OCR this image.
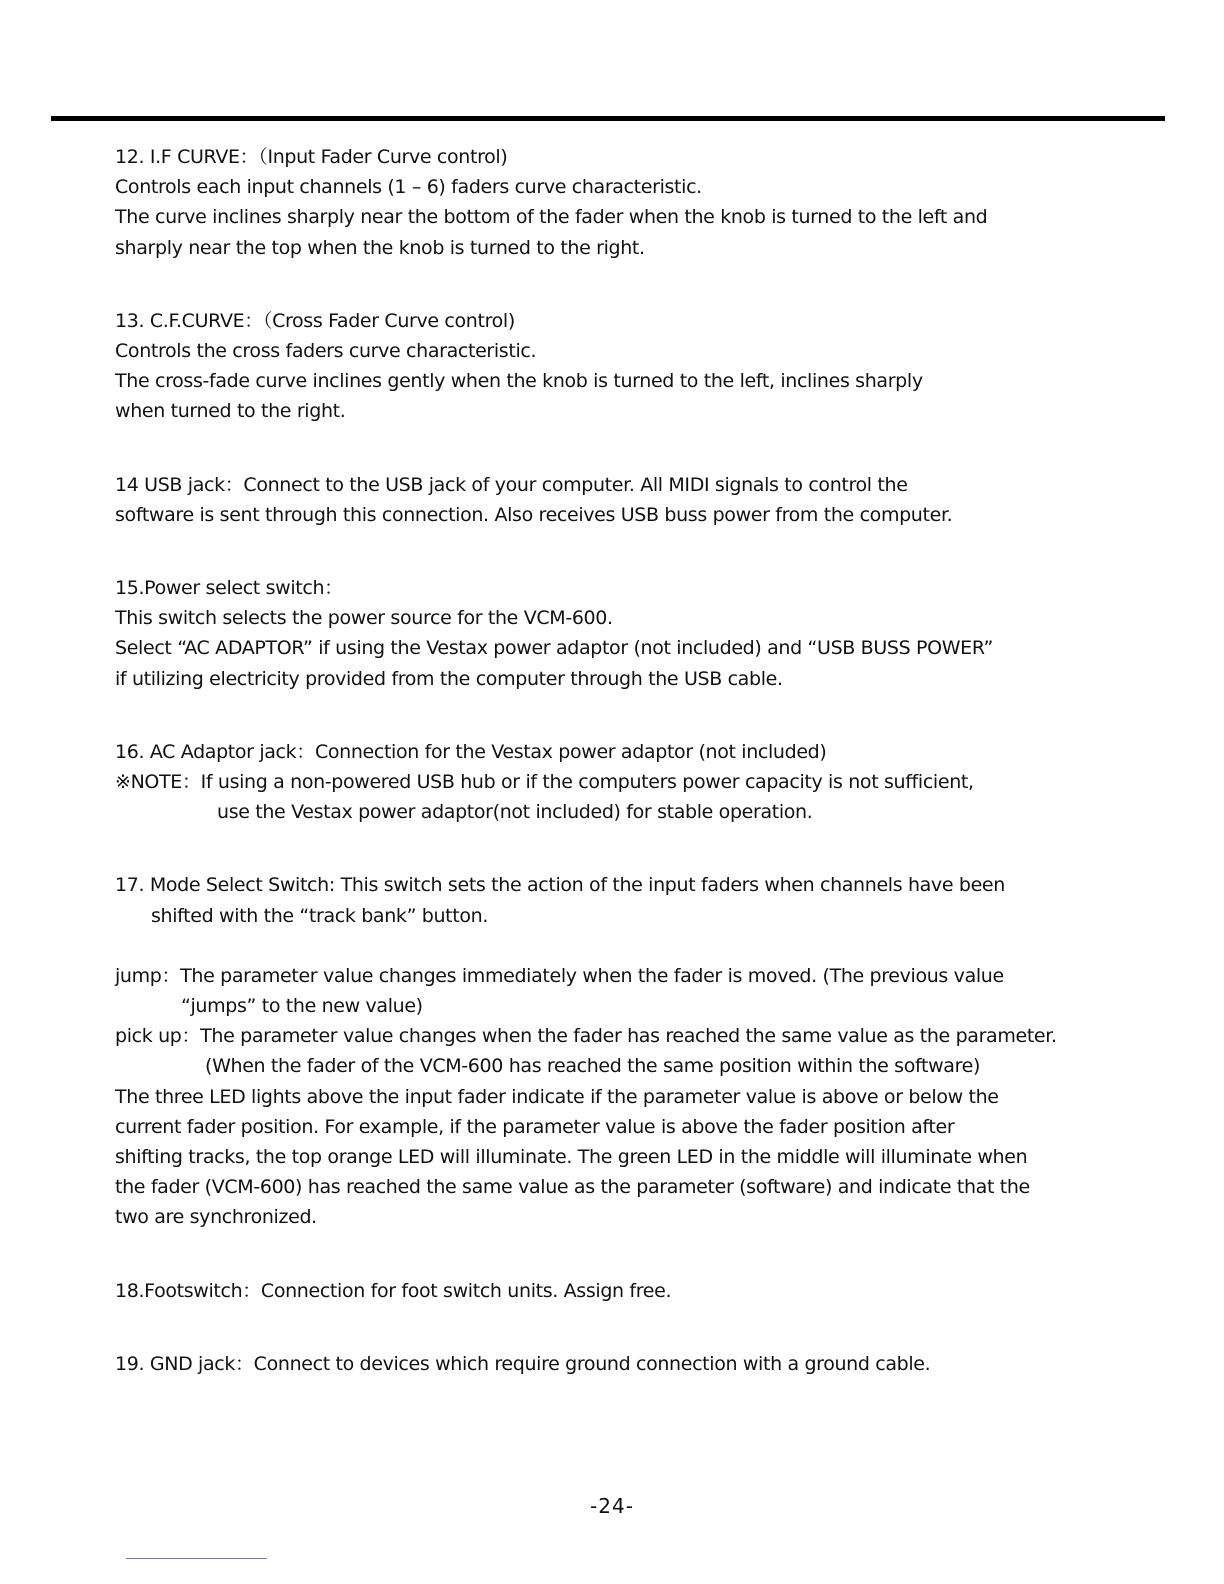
12. I.F CURVE：（Input Fader Curve control)
Controls each input channels (1 – 6) faders curve characteristic.
The curve inclines sharply near the bottom of the fader when the knob is turned to the left and
sharply near the top when the knob is turned to the right.
13. C.F.CURVE：（Cross Fader Curve control)
Controls the cross faders curve characteristic.
The cross-fade curve inclines gently when the knob is turned to the left, inclines sharply
when turned to the right.
14 USB jack：Connect to the USB jack of your computer. All MIDI signals to control the
software is sent through this connection. Also receives USB buss power from the computer.
15.Power select switch：
This switch selects the power source for the VCM-600.
Select “AC ADAPTOR” if using the Vestax power adaptor (not included) and “USB BUSS POWER”
if utilizing electricity provided from the computer through the USB cable.
16. AC Adaptor jack：Connection for the Vestax power adaptor (not included)
※NOTE：If using a non-powered USB hub or if the computers power capacity is not sufficient,
use the Vestax power adaptor(not included) for stable operation.
17. Mode Select Switch: This switch sets the action of the input faders when channels have been
shifted with the “track bank” button.
jump：The parameter value changes immediately when the fader is moved. (The previous value
“jumps” to the new value)
pick up：The parameter value changes when the fader has reached the same value as the parameter.
(When the fader of the VCM-600 has reached the same position within the software)
The three LED lights above the input fader indicate if the parameter value is above or below the
current fader position. For example, if the parameter value is above the fader position after
shifting tracks, the top orange LED will illuminate. The green LED in the middle will illuminate when
the fader (VCM-600) has reached the same value as the parameter (software) and indicate that the
two are synchronized.
18.Footswitch：Connection for foot switch units. Assign free.
19. GND jack：Connect to devices which require ground connection with a ground cable.
-24-
